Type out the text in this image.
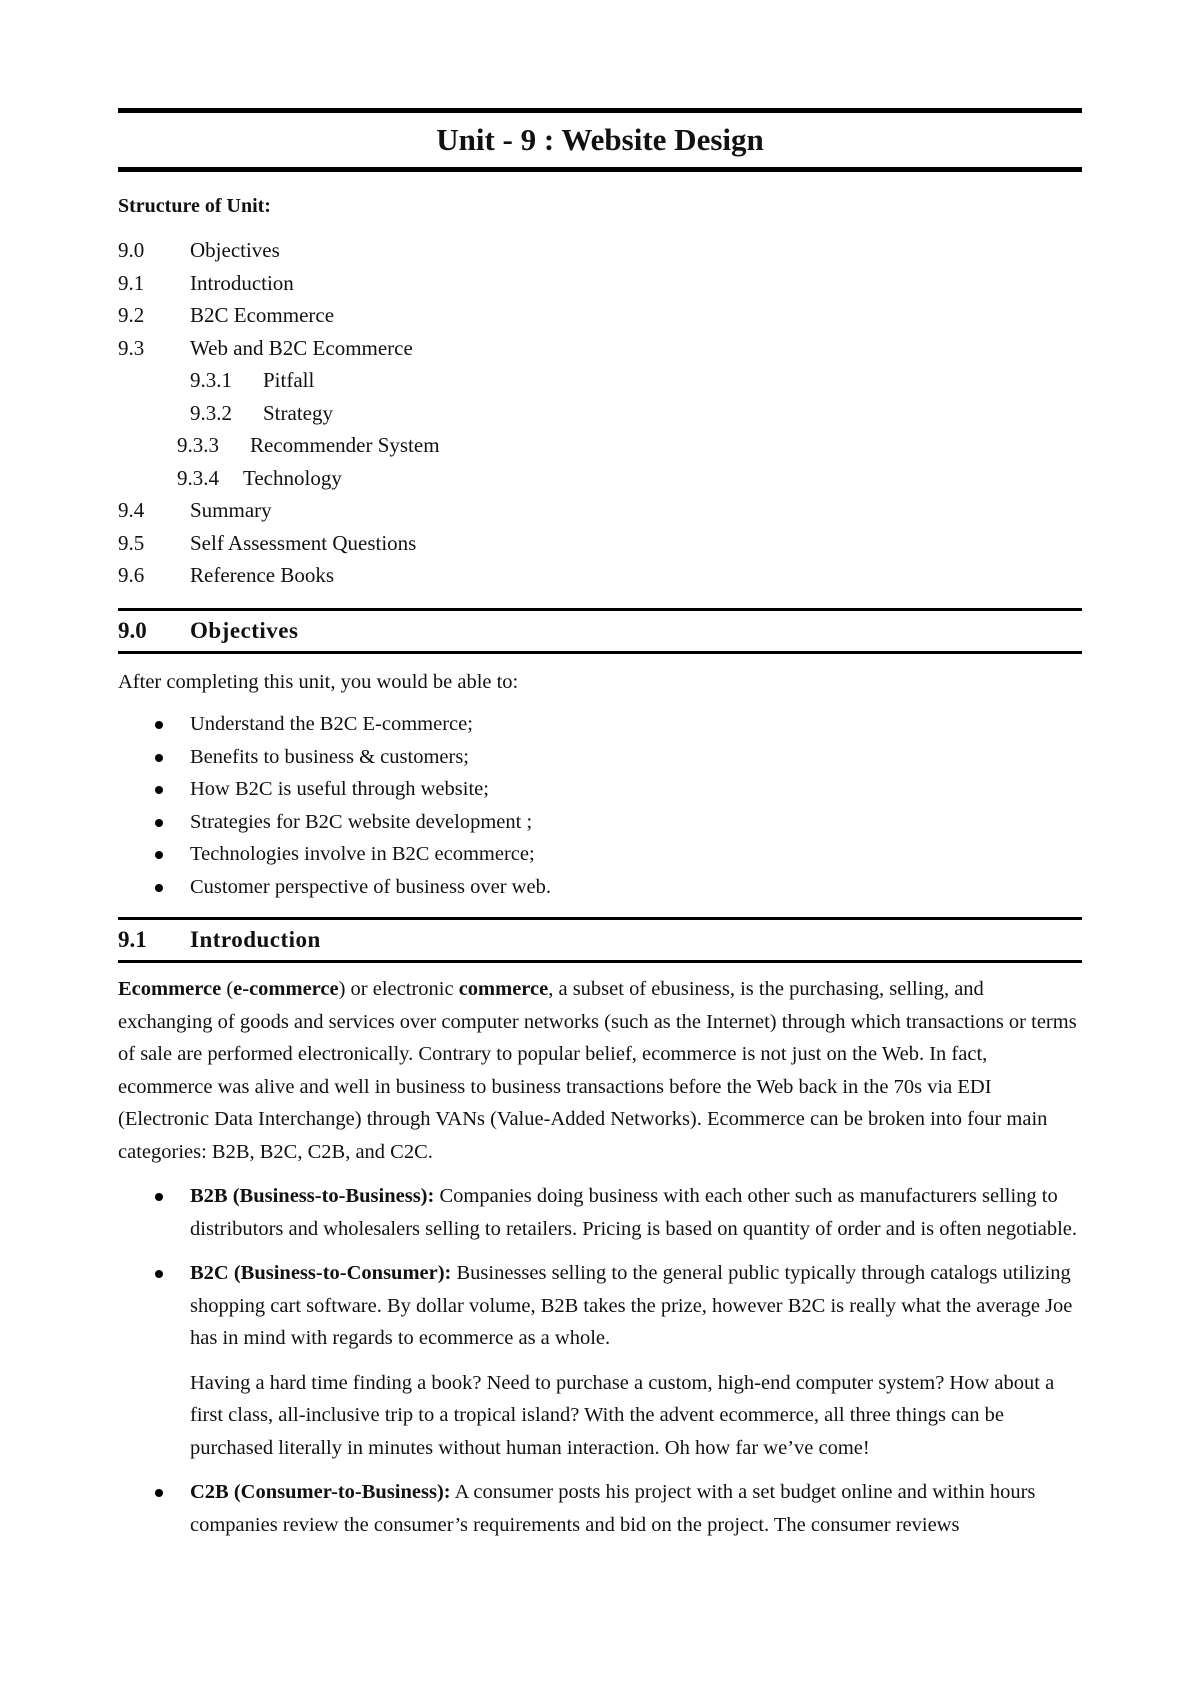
Unit - 9 : Website Design
Structure of Unit:
9.0 Objectives
9.1 Introduction
9.2 B2C Ecommerce
9.3 Web and B2C Ecommerce
9.3.1 Pitfall
9.3.2 Strategy
9.3.3 Recommender System
9.3.4 Technology
9.4 Summary
9.5 Self Assessment Questions
9.6 Reference Books
9.0 Objectives
After completing this unit, you would be able to:
Understand the B2C E-commerce;
Benefits to business & customers;
How B2C is useful through website;
Strategies for B2C website development ;
Technologies involve in B2C ecommerce;
Customer perspective of business over web.
9.1 Introduction
Ecommerce (e-commerce) or electronic commerce, a subset of ebusiness, is the purchasing, selling, and exchanging of goods and services over computer networks (such as the Internet) through which transactions or terms of sale are performed electronically. Contrary to popular belief, ecommerce is not just on the Web. In fact, ecommerce was alive and well in business to business transactions before the Web back in the 70s via EDI (Electronic Data Interchange) through VANs (Value-Added Networks). Ecommerce can be broken into four main categories: B2B, B2C, C2B, and C2C.
B2B (Business-to-Business): Companies doing business with each other such as manufacturers selling to distributors and wholesalers selling to retailers. Pricing is based on quantity of order and is often negotiable.
B2C (Business-to-Consumer): Businesses selling to the general public typically through catalogs utilizing shopping cart software. By dollar volume, B2B takes the prize, however B2C is really what the average Joe has in mind with regards to ecommerce as a whole.
Having a hard time finding a book? Need to purchase a custom, high-end computer system? How about a first class, all-inclusive trip to a tropical island? With the advent ecommerce, all three things can be purchased literally in minutes without human interaction. Oh how far we’ve come!
C2B (Consumer-to-Business): A consumer posts his project with a set budget online and within hours companies review the consumer’s requirements and bid on the project. The consumer reviews
